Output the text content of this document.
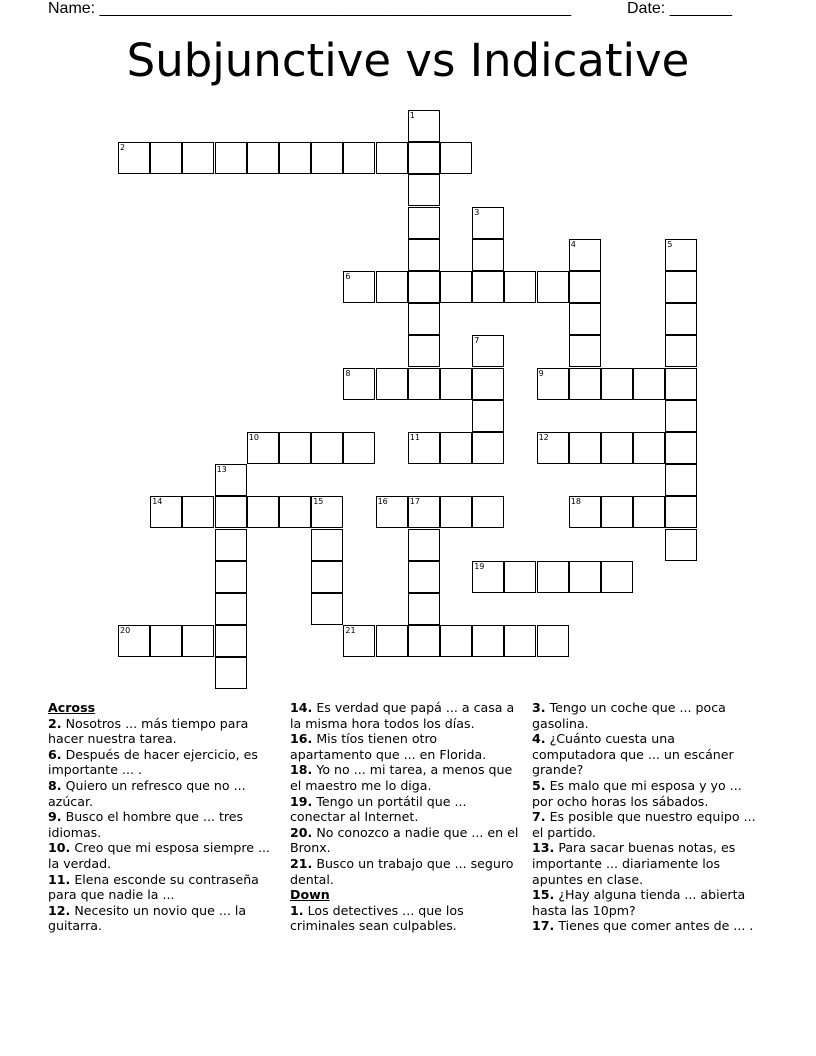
Name: _____________________________________________________	Date: _______
Subjunctive vs Indicative
2
6
8	9
10	11	12
14	16	18
19
20	21
1
3
4	5
7
13
15	17
Across
2. Nosotros ... más tiempo para hacer nuestra tarea.
6. Después de hacer ejercicio, es importante ... .
8. Quiero un refresco que no ... azúcar.
9. Busco el hombre que ... tres idiomas.
10. Creo que mi esposa siempre ... la verdad.
11. Elena esconde su contraseña para que nadie la ...
12. Necesito un novio que ... la guitarra.
14. Es verdad que papá ... a casa a la misma hora todos los días.
16. Mis tíos tienen otro apartamento que ... en Florida.
18. Yo no ... mi tarea, a menos que el maestro me lo diga.
19. Tengo un portátil que ... conectar al Internet.
20. No conozco a nadie que ... en el Bronx.
21. Busco un trabajo que ... seguro dental.
Down
1. Los detectives ... que los criminales sean culpables.
3. Tengo un coche que ... poca gasolina.
4. ¿Cuánto cuesta una computadora que ... un escáner grande?
5. Es malo que mi esposa y yo ... por ocho horas los sábados.
7. Es posible que nuestro equipo ... el partido.
13. Para sacar buenas notas, es importante ... diariamente los apuntes en clase.
15. ¿Hay alguna tienda ... abierta hasta las 10pm?
17. Tienes que comer antes de ... .
